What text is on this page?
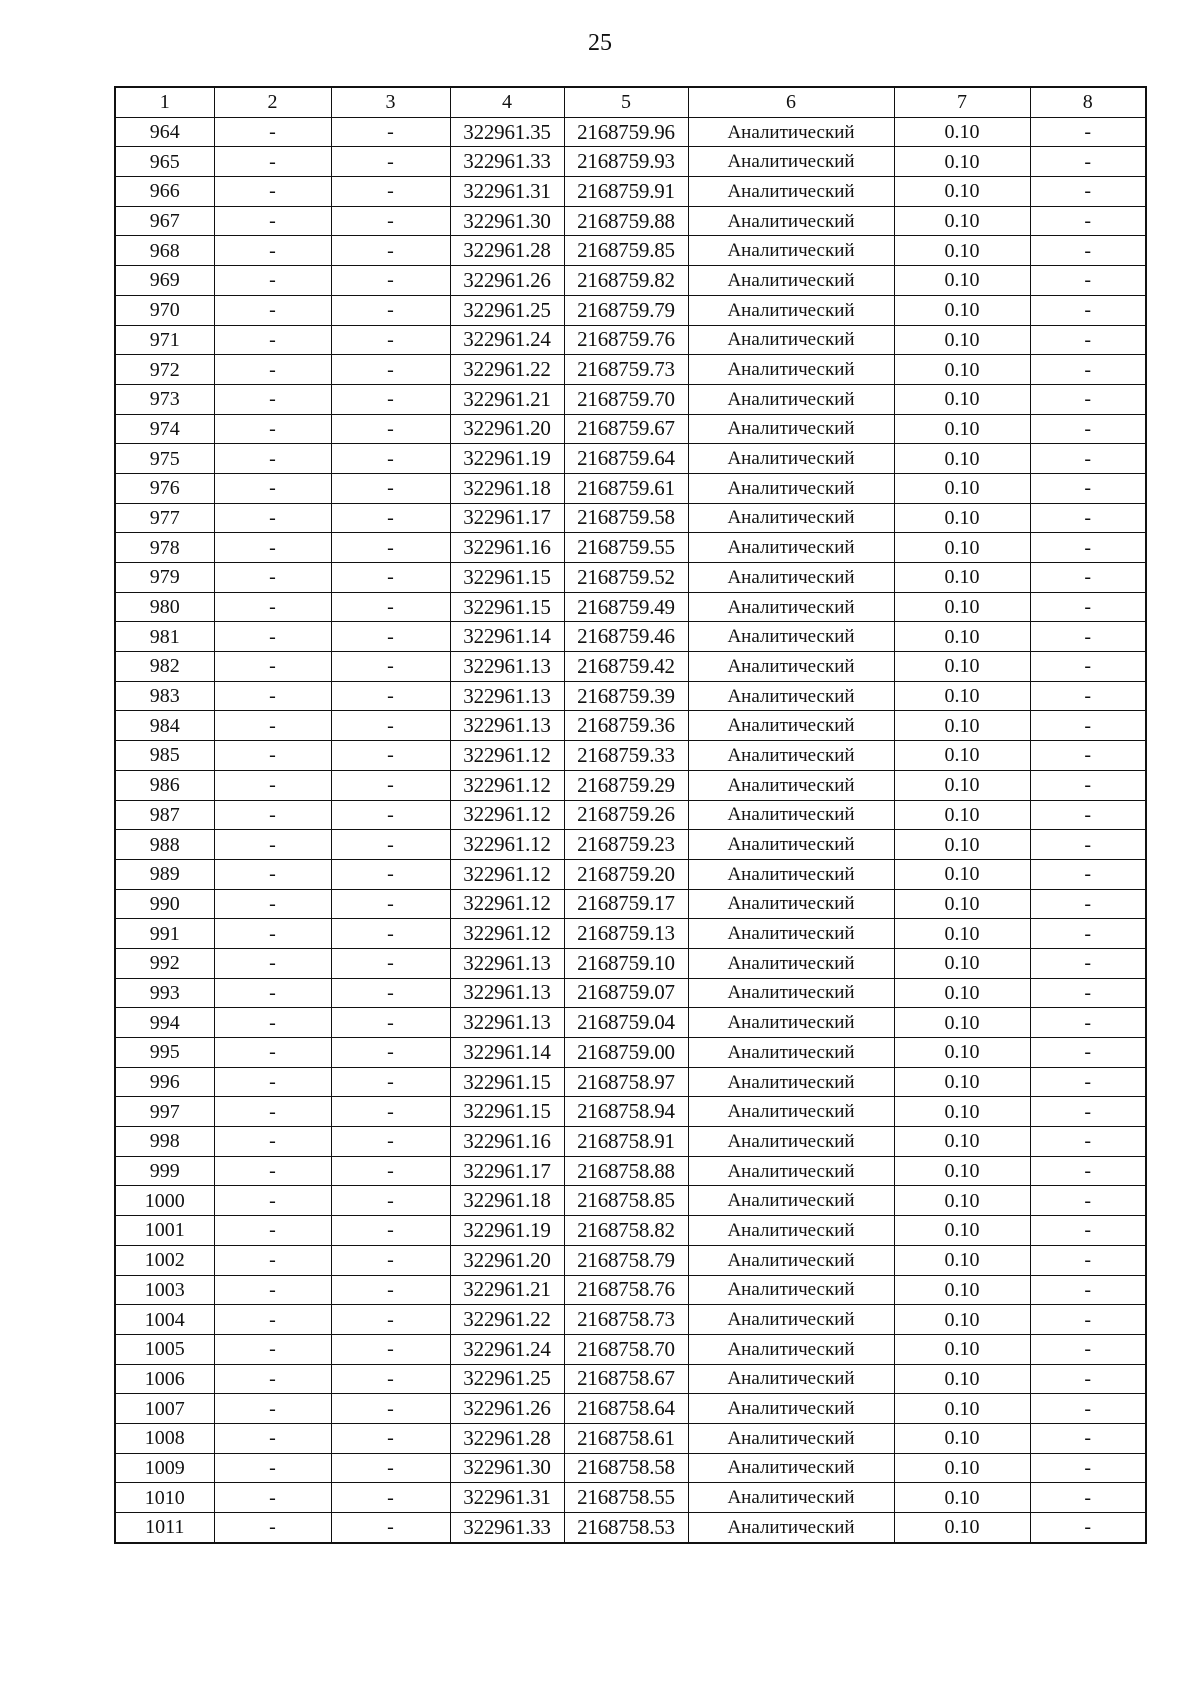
25
1	2	3	4	5	6	7	8
964	-	-	322961.35	2168759.96	Аналитический	0.10	-
965	-	-	322961.33	2168759.93	Аналитический	0.10	-
966	-	-	322961.31	2168759.91	Аналитический	0.10	-
967	-	-	322961.30	2168759.88	Аналитический	0.10	-
968	-	-	322961.28	2168759.85	Аналитический	0.10	-
969	-	-	322961.26	2168759.82	Аналитический	0.10	-
970	-	-	322961.25	2168759.79	Аналитический	0.10	-
971	-	-	322961.24	2168759.76	Аналитический	0.10	-
972	-	-	322961.22	2168759.73	Аналитический	0.10	-
973	-	-	322961.21	2168759.70	Аналитический	0.10	-
974	-	-	322961.20	2168759.67	Аналитический	0.10	-
975	-	-	322961.19	2168759.64	Аналитический	0.10	-
976	-	-	322961.18	2168759.61	Аналитический	0.10	-
977	-	-	322961.17	2168759.58	Аналитический	0.10	-
978	-	-	322961.16	2168759.55	Аналитический	0.10	-
979	-	-	322961.15	2168759.52	Аналитический	0.10	-
980	-	-	322961.15	2168759.49	Аналитический	0.10	-
981	-	-	322961.14	2168759.46	Аналитический	0.10	-
982	-	-	322961.13	2168759.42	Аналитический	0.10	-
983	-	-	322961.13	2168759.39	Аналитический	0.10	-
984	-	-	322961.13	2168759.36	Аналитический	0.10	-
985	-	-	322961.12	2168759.33	Аналитический	0.10	-
986	-	-	322961.12	2168759.29	Аналитический	0.10	-
987	-	-	322961.12	2168759.26	Аналитический	0.10	-
988	-	-	322961.12	2168759.23	Аналитический	0.10	-
989	-	-	322961.12	2168759.20	Аналитический	0.10	-
990	-	-	322961.12	2168759.17	Аналитический	0.10	-
991	-	-	322961.12	2168759.13	Аналитический	0.10	-
992	-	-	322961.13	2168759.10	Аналитический	0.10	-
993	-	-	322961.13	2168759.07	Аналитический	0.10	-
994	-	-	322961.13	2168759.04	Аналитический	0.10	-
995	-	-	322961.14	2168759.00	Аналитический	0.10	-
996	-	-	322961.15	2168758.97	Аналитический	0.10	-
997	-	-	322961.15	2168758.94	Аналитический	0.10	-
998	-	-	322961.16	2168758.91	Аналитический	0.10	-
999	-	-	322961.17	2168758.88	Аналитический	0.10	-
1000	-	-	322961.18	2168758.85	Аналитический	0.10	-
1001	-	-	322961.19	2168758.82	Аналитический	0.10	-
1002	-	-	322961.20	2168758.79	Аналитический	0.10	-
1003	-	-	322961.21	2168758.76	Аналитический	0.10	-
1004	-	-	322961.22	2168758.73	Аналитический	0.10	-
1005	-	-	322961.24	2168758.70	Аналитический	0.10	-
1006	-	-	322961.25	2168758.67	Аналитический	0.10	-
1007	-	-	322961.26	2168758.64	Аналитический	0.10	-
1008	-	-	322961.28	2168758.61	Аналитический	0.10	-
1009	-	-	322961.30	2168758.58	Аналитический	0.10	-
1010	-	-	322961.31	2168758.55	Аналитический	0.10	-
1011	-	-	322961.33	2168758.53	Аналитический	0.10	-
